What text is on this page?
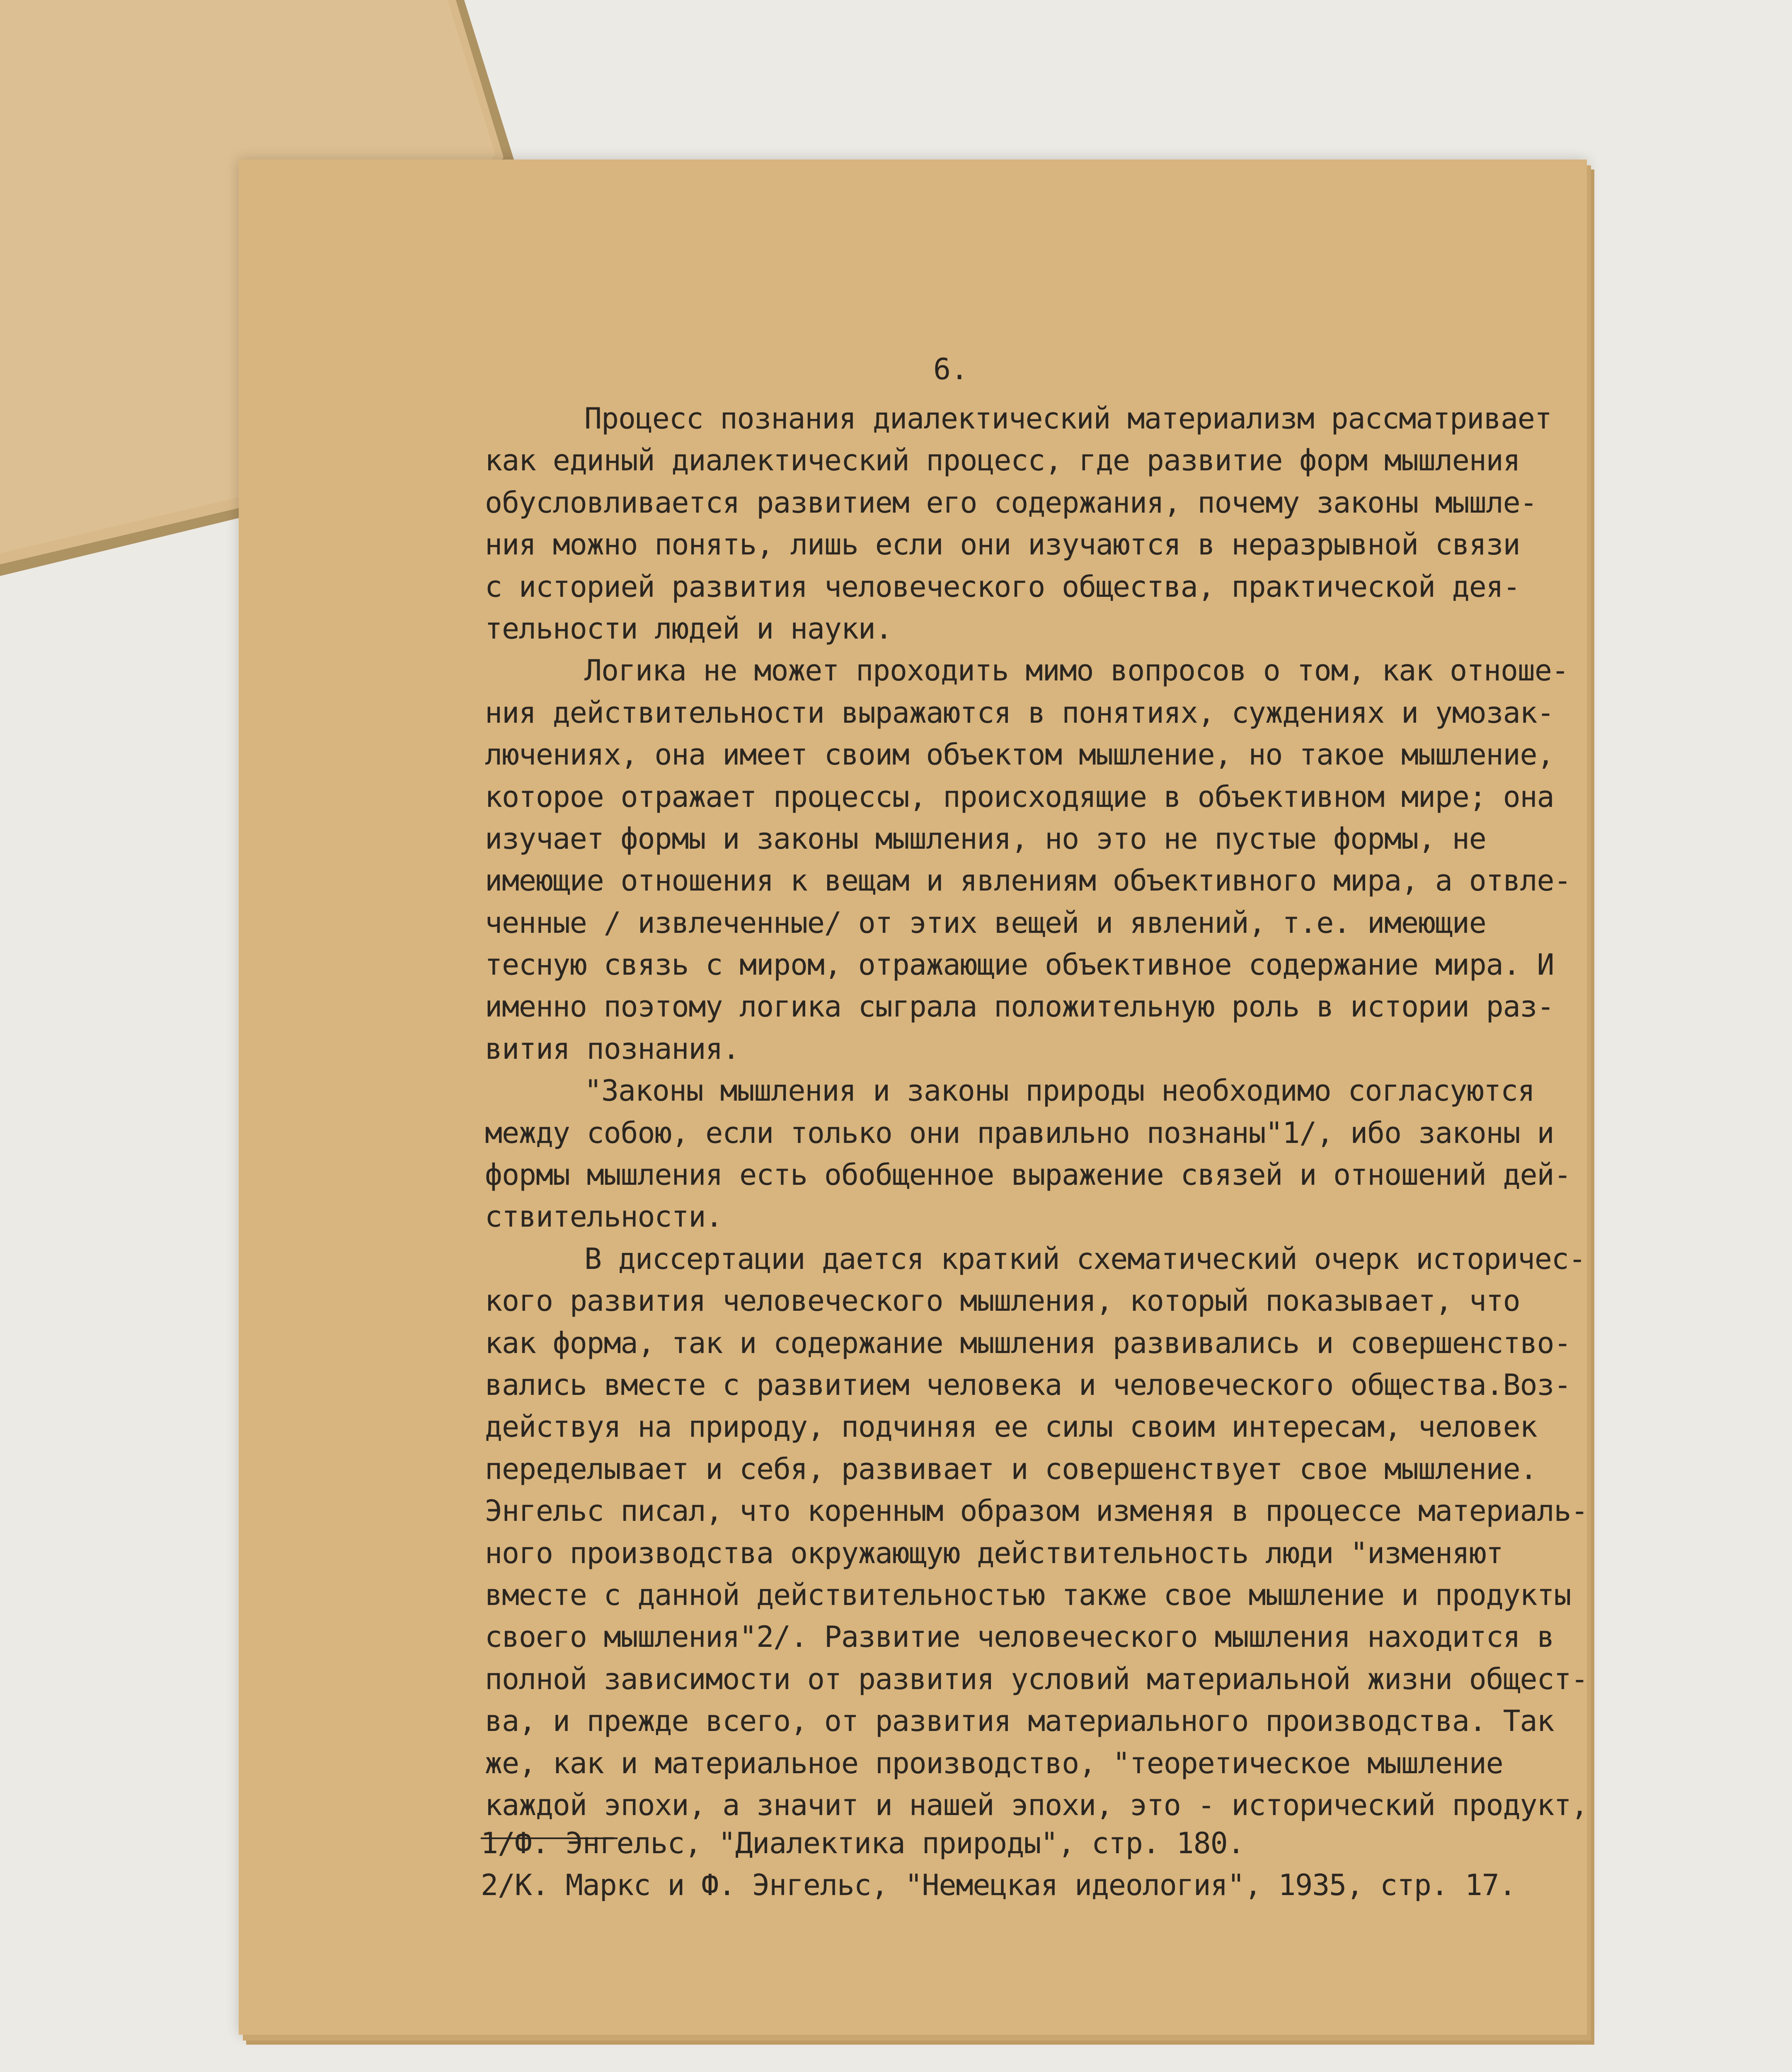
6.
Процесс познания диалектический материализм рассматривает
как единый диалектический процесс, где развитие форм мышления
обусловливается развитием его содержания, почему законы мышле-
ния можно понять, лишь если они изучаются в неразрывной связи
с историей развития человеческого общества, практической дея-
тельности людей и науки.
Логика не может проходить мимо вопросов о том, как отноше-
ния действительности выражаются в понятиях, суждениях и умозак-
лючениях, она имеет своим объектом мышление, но такое мышление,
которое отражает процессы, происходящие в объективном мире; она
изучает формы и законы мышления, но это не пустые формы, не
имеющие отношения к вещам и явлениям объективного мира, а отвле-
ченные / извлеченные/ от этих вещей и явлений, т.е. имеющие
тесную связь с миром, отражающие объективное содержание мира. И
именно поэтому логика сыграла положительную роль в истории раз-
вития познания.
"Законы мышления и законы природы необходимо согласуются
между собою, если только они правильно познаны"1/, ибо законы и
формы мышления есть обобщенное выражение связей и отношений дей-
ствительности.
В диссертации дается краткий схематический очерк историчес-
кого развития человеческого мышления, который показывает, что
как форма, так и содержание мышления развивались и совершенство-
вались вместе с развитием человека и человеческого общества.Воз-
действуя на природу, подчиняя ее силы своим интересам, человек
переделывает и себя, развивает и совершенствует свое мышление.
Энгельс писал, что коренным образом изменяя в процессе материаль-
ного производства окружающую действительность люди "изменяют
вместе с данной действительностью также свое мышление и продукты
своего мышления"2/. Развитие человеческого мышления находится в
полной зависимости от развития условий материальной жизни общест-
ва, и прежде всего, от развития материального производства. Так
же, как и материальное производство, "теоретическое мышление
каждой эпохи, а значит и нашей эпохи, это - исторический продукт,
1/Ф. Энгельс, "Диалектика природы", стр. 180.
2/К. Маркс и Ф. Энгельс, "Немецкая идеология", 1935, стр. 17.
